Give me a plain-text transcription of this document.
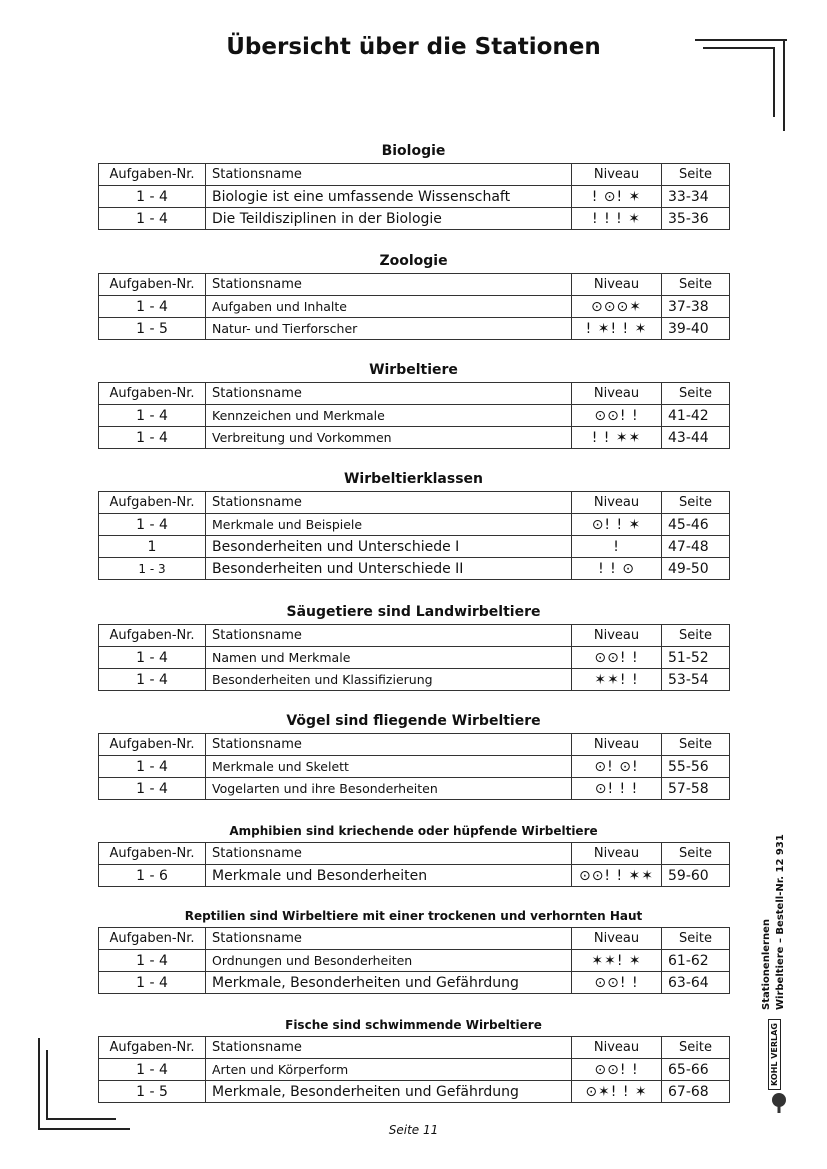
Übersicht über die Stationen
Biologie
Aufgaben-Nr.	Stationsname	Niveau	Seite
1 - 4	Biologie ist eine umfassende Wissenschaft	! ⊙! ✶	33-34
1 - 4	Die Teildisziplinen in der Biologie	! ! ! ✶	35-36
Zoologie
Aufgaben-Nr.	Stationsname	Niveau	Seite
1 - 4	Aufgaben und Inhalte	⊙⊙⊙✶	37-38
1 - 5	Natur- und Tierforscher	! ✶! ! ✶	39-40
Wirbeltiere
Aufgaben-Nr.	Stationsname	Niveau	Seite
1 - 4	Kennzeichen und Merkmale	⊙⊙! !	41-42
1 - 4	Verbreitung und Vorkommen	! ! ✶✶	43-44
Wirbeltierklassen
Aufgaben-Nr.	Stationsname	Niveau	Seite
1 - 4	Merkmale und Beispiele	⊙! ! ✶	45-46
1	Besonderheiten und Unterschiede I	!	47-48
1 - 3	Besonderheiten und Unterschiede II	! ! ⊙	49-50
Säugetiere sind Landwirbeltiere
Aufgaben-Nr.	Stationsname	Niveau	Seite
1 - 4	Namen und Merkmale	⊙⊙! !	51-52
1 - 4	Besonderheiten und Klassifizierung	✶✶! !	53-54
Vögel sind fliegende Wirbeltiere
Aufgaben-Nr.	Stationsname	Niveau	Seite
1 - 4	Merkmale und Skelett	⊙! ⊙!	55-56
1 - 4	Vogelarten und ihre Besonderheiten	⊙! ! !	57-58
Amphibien sind kriechende oder hüpfende Wirbeltiere
Aufgaben-Nr.	Stationsname	Niveau	Seite
1 - 6	Merkmale und Besonderheiten	⊙⊙! ! ✶✶	59-60
Reptilien sind Wirbeltiere mit einer trockenen und verhornten Haut
Aufgaben-Nr.	Stationsname	Niveau	Seite
1 - 4	Ordnungen und Besonderheiten	✶✶! ✶	61-62
1 - 4	Merkmale, Besonderheiten und Gefährdung	⊙⊙! !	63-64
Fische sind schwimmende Wirbeltiere
Aufgaben-Nr.	Stationsname	Niveau	Seite
1 - 4	Arten und Körperform	⊙⊙! !	65-66
1 - 5	Merkmale, Besonderheiten und Gefährdung	⊙✶! ! ✶	67-68
Stationenlernen Wirbeltiere – Bestell-Nr. 12 931
KOHL VERLAG
Seite 11
